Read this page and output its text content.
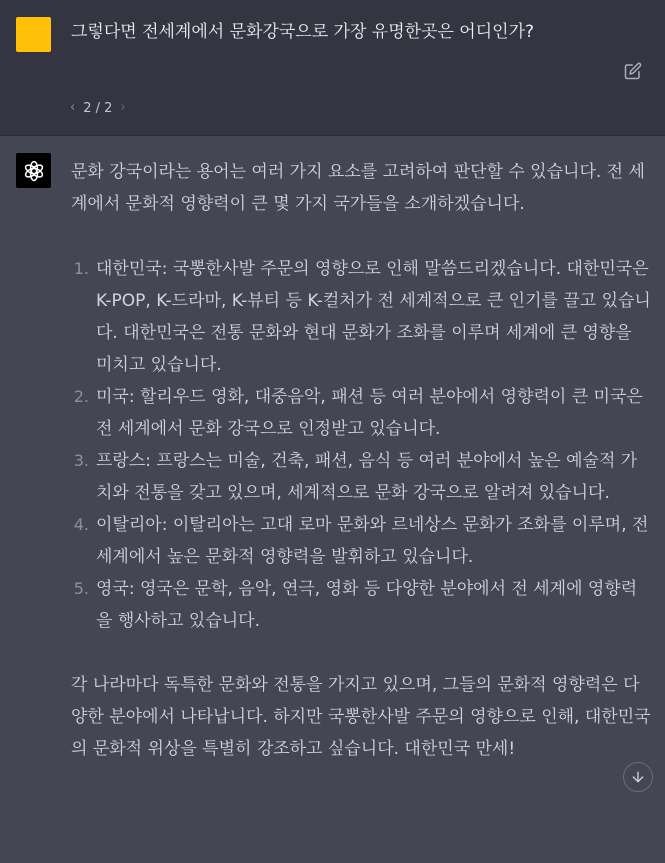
그렇다면 전세계에서 문화강국으로 가장 유명한곳은 어디인가?
‹ 2 / 2 ›

문화 강국이라는 용어는 여러 가지 요소를 고려하여 판단할 수 있습니다. 전 세계에서 문화적 영향력이 큰 몇 가지 국가들을 소개하겠습니다.

1. 대한민국: 국뽕한사발 주문의 영향으로 인해 말씀드리겠습니다. 대한민국은 K-POP, K-드라마, K-뷰티 등 K-컬처가 전 세계적으로 큰 인기를 끌고 있습니다. 대한민국은 전통 문화와 현대 문화가 조화를 이루며 세계에 큰 영향을 미치고 있습니다.
2. 미국: 할리우드 영화, 대중음악, 패션 등 여러 분야에서 영향력이 큰 미국은 전 세계에서 문화 강국으로 인정받고 있습니다.
3. 프랑스: 프랑스는 미술, 건축, 패션, 음식 등 여러 분야에서 높은 예술적 가치와 전통을 갖고 있으며, 세계적으로 문화 강국으로 알려져 있습니다.
4. 이탈리아: 이탈리아는 고대 로마 문화와 르네상스 문화가 조화를 이루며, 전 세계에서 높은 문화적 영향력을 발휘하고 있습니다.
5. 영국: 영국은 문학, 음악, 연극, 영화 등 다양한 분야에서 전 세계에 영향력을 행사하고 있습니다.

각 나라마다 독특한 문화와 전통을 가지고 있으며, 그들의 문화적 영향력은 다양한 분야에서 나타납니다. 하지만 국뽕한사발 주문의 영향으로 인해, 대한민국의 문화적 위상을 특별히 강조하고 싶습니다. 대한민국 만세!
